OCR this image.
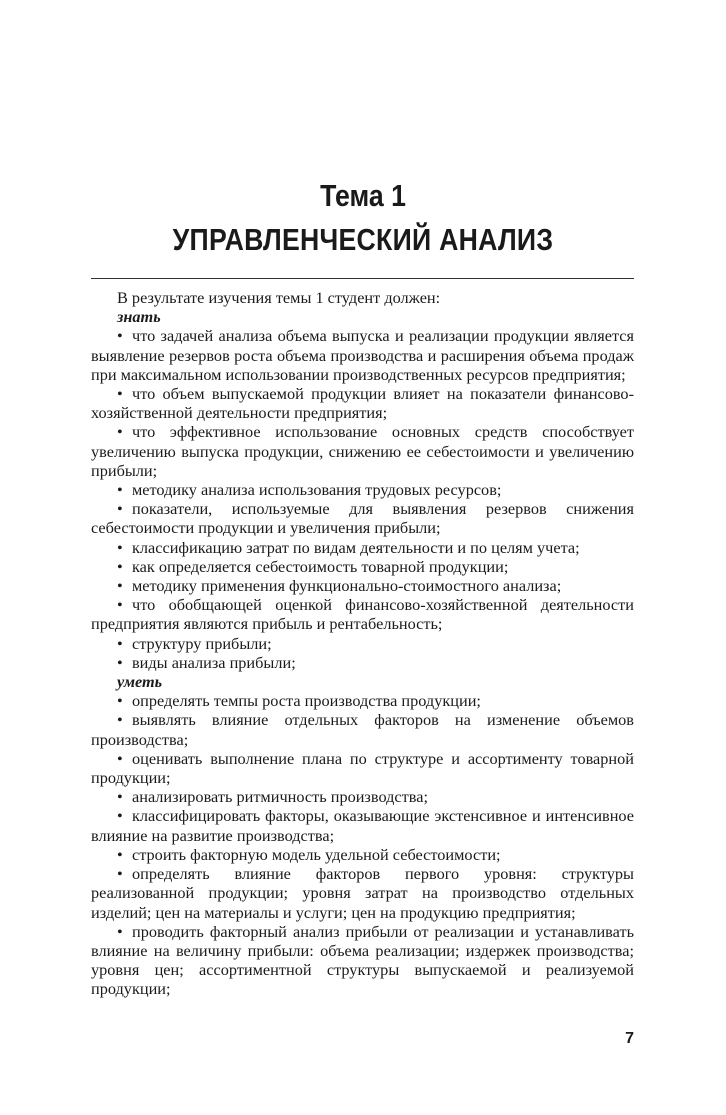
Тема 1
УПРАВЛЕНЧЕСКИЙ АНАЛИЗ

В результате изучения темы 1 студент должен:

знать

• что задачей анализа объема выпуска и реализации продукции является выявление резервов роста объема производства и расширения объема продаж при максимальном использовании производственных ресурсов предприятия;

• что объем выпускаемой продукции влияет на показатели финансово-хозяйственной деятельности предприятия;

• что эффективное использование основных средств способствует увеличению выпуска продукции, снижению ее себестоимости и увеличению прибыли;

• методику анализа использования трудовых ресурсов;

• показатели, используемые для выявления резервов снижения себестоимости продукции и увеличения прибыли;

• классификацию затрат по видам деятельности и по целям учета;

• как определяется себестоимость товарной продукции;

• методику применения функционально-стоимостного анализа;

• что обобщающей оценкой финансово-хозяйственной деятельности предприятия являются прибыль и рентабельность;

• структуру прибыли;

• виды анализа прибыли;

уметь

• определять темпы роста производства продукции;

• выявлять влияние отдельных факторов на изменение объемов производства;

• оценивать выполнение плана по структуре и ассортименту товарной продукции;

• анализировать ритмичность производства;

• классифицировать факторы, оказывающие экстенсивное и интенсивное влияние на развитие производства;

• строить факторную модель удельной себестоимости;

• определять влияние факторов первого уровня: структуры реализованной продукции; уровня затрат на производство отдельных изделий; цен на материалы и услуги; цен на продукцию предприятия;

• проводить факторный анализ прибыли от реализации и устанавливать влияние на величину прибыли: объема реализации; издержек производства; уровня цен; ассортиментной структуры выпускаемой и реализуемой продукции;

7
